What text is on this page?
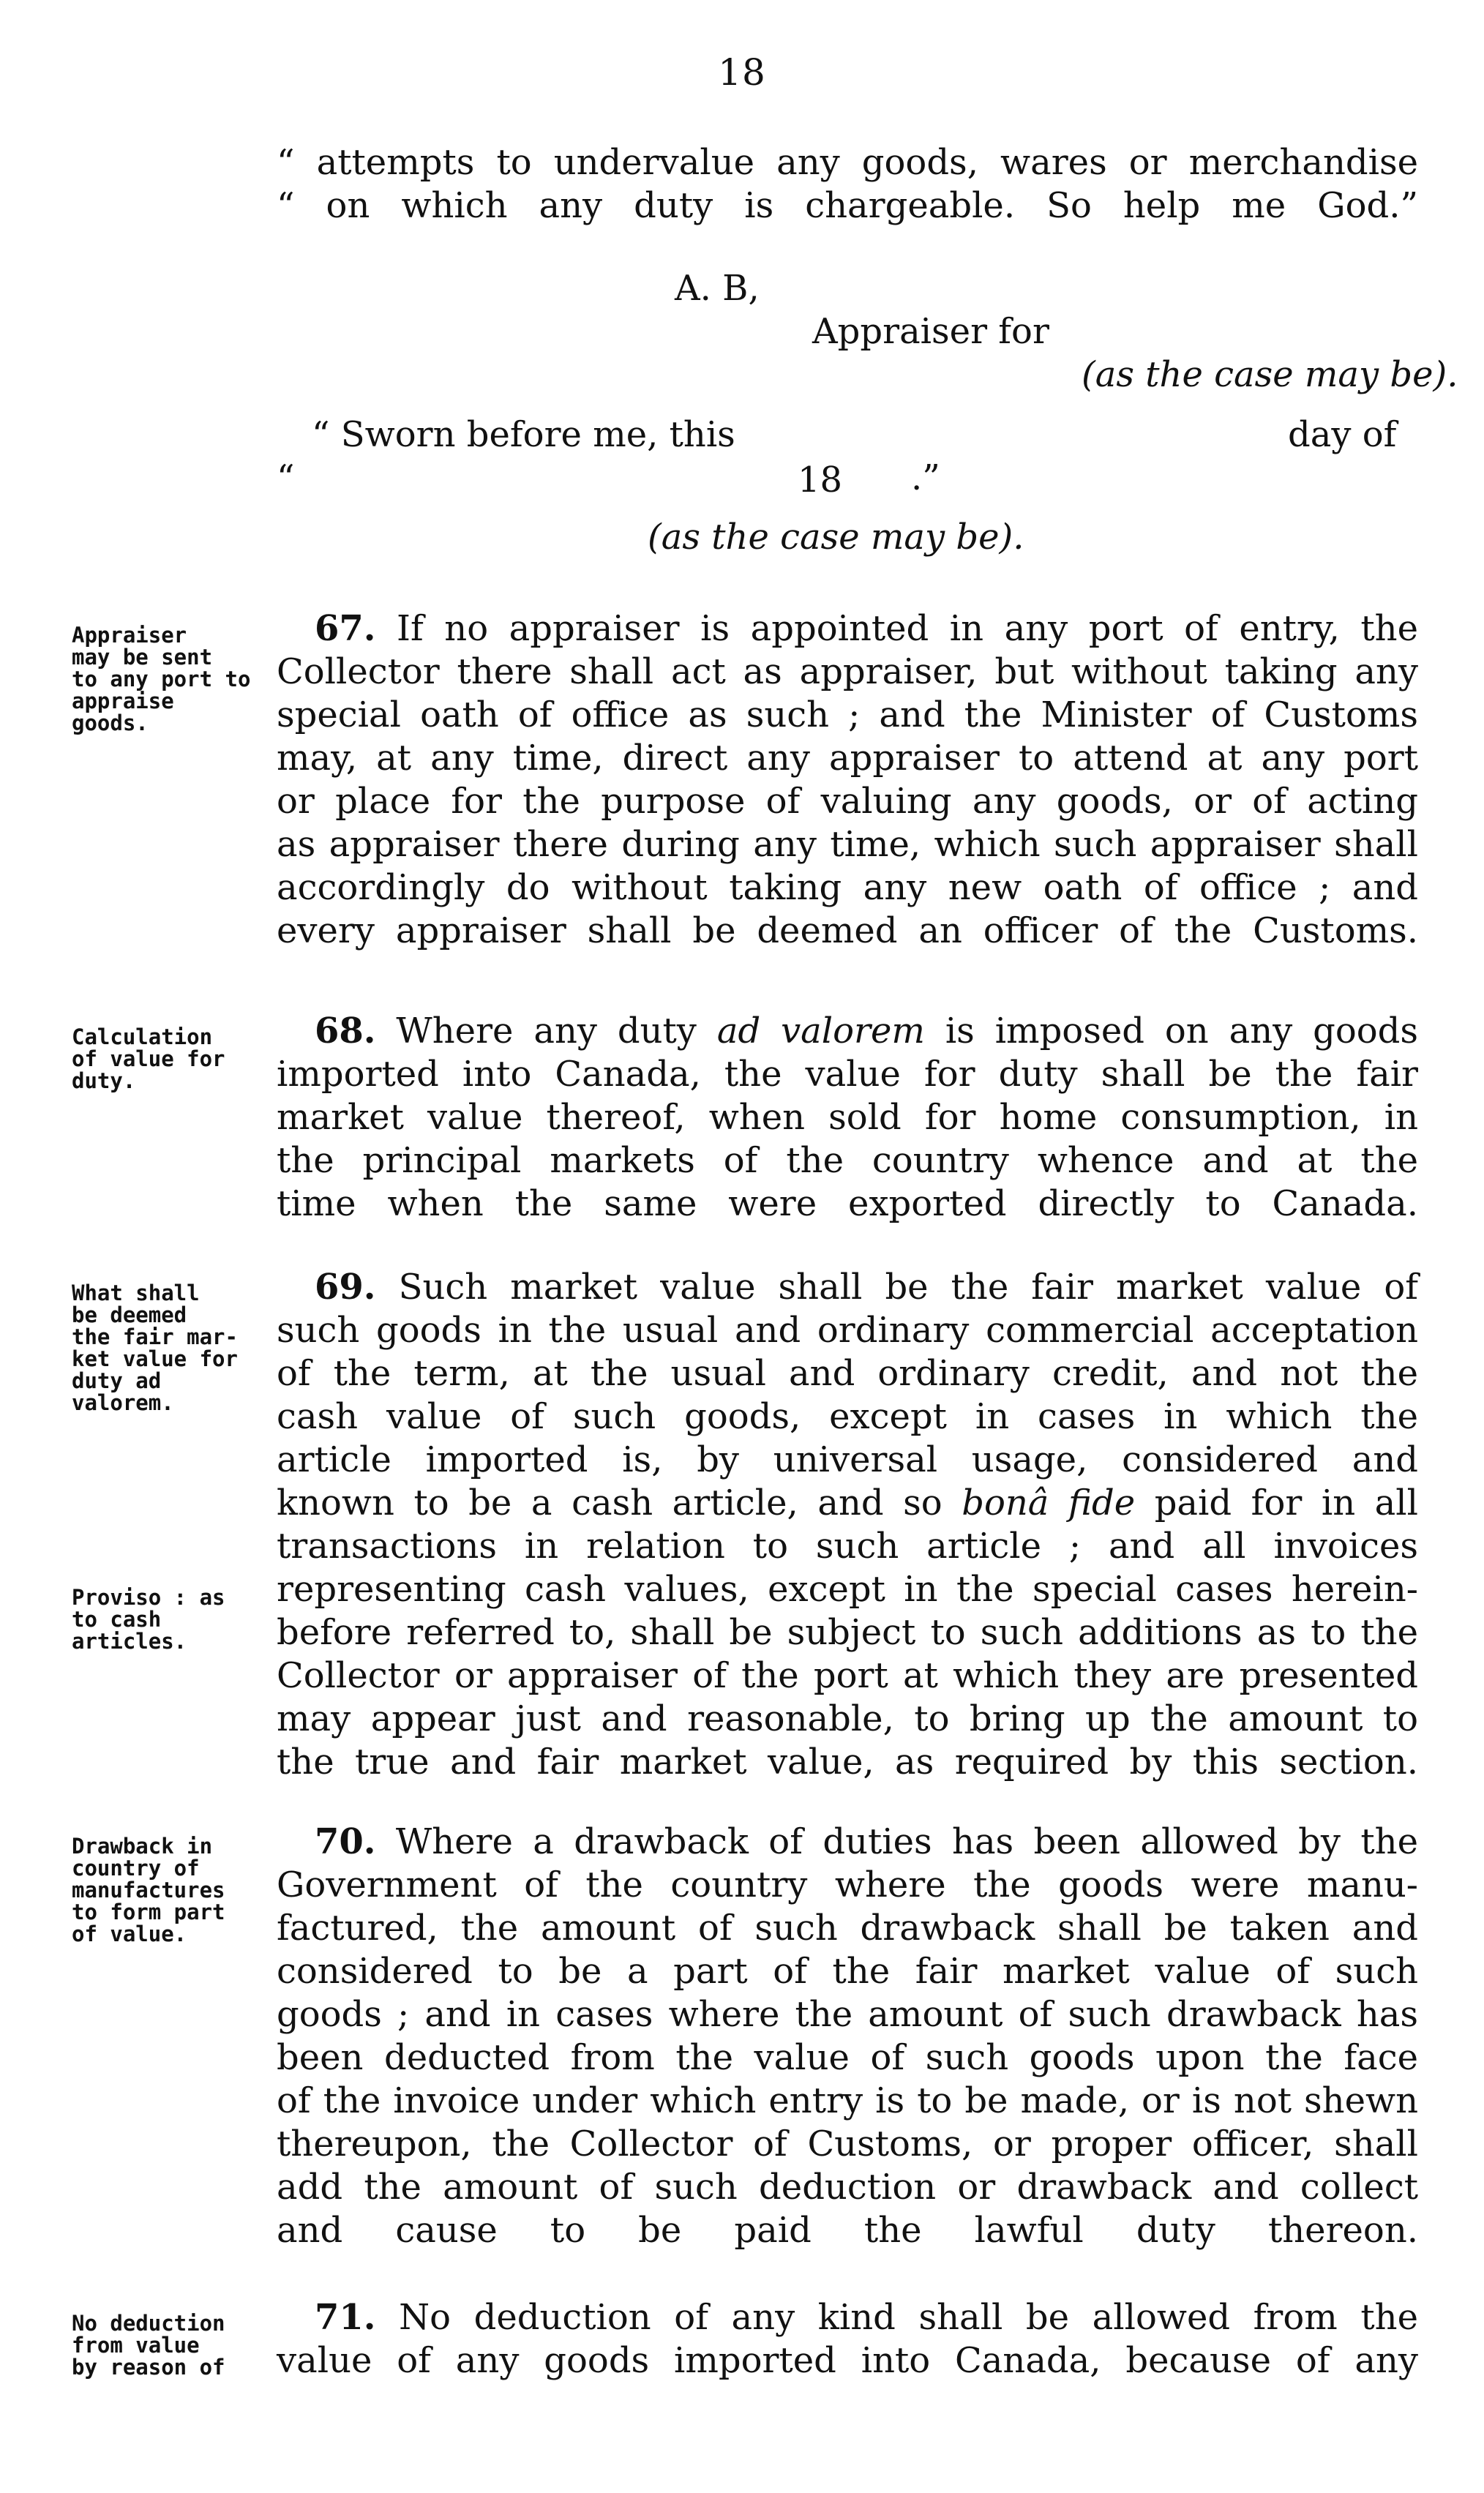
18
“ attempts to undervalue any goods, wares or merchandise
“ on which any duty is chargeable. So help me God.”
A. B,
Appraiser for
(as the case may be).
“ Sworn before me, this	day of
“	18 .”
(as the case may be).
Appraiser
may be sent
to any port to
appraise
goods.
67. If no appraiser is appointed in any port of entry, the
Collector there shall act as appraiser, but without taking any
special oath of office as such ; and the Minister of Customs
may, at any time, direct any appraiser to attend at any port
or place for the purpose of valuing any goods, or of acting
as appraiser there during any time, which such appraiser shall
accordingly do without taking any new oath of office ; and
every appraiser shall be deemed an officer of the Customs.
Calculation
of value for
duty.
68. Where any duty ad valorem is imposed on any goods
imported into Canada, the value for duty shall be the fair
market value thereof, when sold for home consumption, in
the principal markets of the country whence and at the
time when the same were exported directly to Canada.
What shall
be deemed
the fair mar-
ket value for
duty ad
valorem.
Proviso : as
to cash
articles.
69. Such market value shall be the fair market value of
such goods in the usual and ordinary commercial acceptation
of the term, at the usual and ordinary credit, and not the
cash value of such goods, except in cases in which the
article imported is, by universal usage, considered and
known to be a cash article, and so bonâ fide paid for in all
transactions in relation to such article ; and all invoices
representing cash values, except in the special cases herein-
before referred to, shall be subject to such additions as to the
Collector or appraiser of the port at which they are presented
may appear just and reasonable, to bring up the amount to
the true and fair market value, as required by this section.
Drawback in
country of
manufactures
to form part
of value.
70. Where a drawback of duties has been allowed by the
Government of the country where the goods were manu-
factured, the amount of such drawback shall be taken and
considered to be a part of the fair market value of such
goods ; and in cases where the amount of such drawback has
been deducted from the value of such goods upon the face
of the invoice under which entry is to be made, or is not shewn
thereupon, the Collector of Customs, or proper officer, shall
add the amount of such deduction or drawback and collect
and cause to be paid the lawful duty thereon.
No deduction
from value
by reason of
71. No deduction of any kind shall be allowed from the
value of any goods imported into Canada, because of any
